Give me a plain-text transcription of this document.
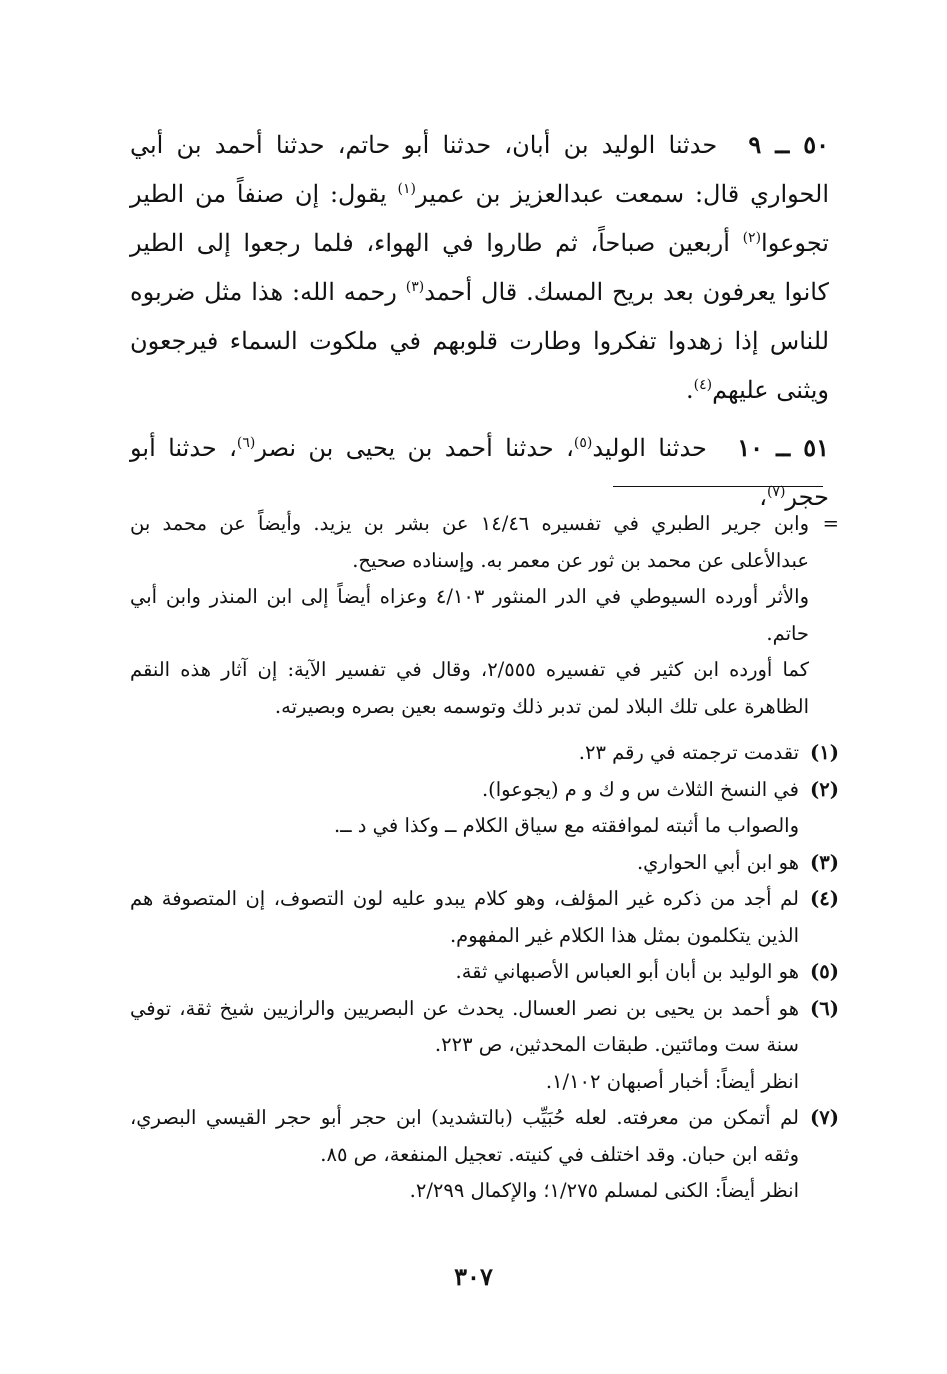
٥٠ ــ ٩ حدثنا الوليد بن أبان، حدثنا أبو حاتم، حدثنا أحمد بن أبي الحواري قال: سمعت عبدالعزيز بن عمير$^{(١)}$ يقول: إن صنفاً من الطير تجوعوا$^{(٢)}$ أربعين صباحاً، ثم طاروا في الهواء، فلما رجعوا إلى الطير كانوا يعرفون بعد بريح المسك. قال أحمد$^{(٣)}$ رحمه الله: هذا مثل ضربوه للناس إذا زهدوا تفكروا وطارت قلوبهم في ملكوت السماء فيرجعون ويثنى عليهم$^{(٤)}$.

٥١ ــ ١٠ حدثنا الوليد$^{(٥)}$، حدثنا أحمد بن يحيى بن نصر$^{(٦)}$، حدثنا أبو حجر$^{(٧)}$،

=

وابن جرير الطبري في تفسيره ١٤/٤٦ عن بشر بن يزيد. وأيضاً عن محمد بن عبدالأعلى عن محمد بن ثور عن معمر به. وإسناده صحيح.

والأثر أورده السيوطي في الدر المنثور ٤/١٠٣ وعزاه أيضاً إلى ابن المنذر وابن أبي حاتم.

كما أورده ابن كثير في تفسيره ٢/٥٥٥، وقال في تفسير الآية: إن آثار هذه النقم الظاهرة على تلك البلاد لمن تدبر ذلك وتوسمه بعين بصره وبصيرته.

(١)
تقدمت ترجمته في رقم ٢٣.

(٢)
في النسخ الثلاث س و ك و م (يجوعوا).
والصواب ما أثبته لموافقته مع سياق الكلام ــ وكذا في د ــ.

(٣)
هو ابن أبي الحواري.

(٤)
لم أجد من ذكره غير المؤلف، وهو كلام يبدو عليه لون التصوف، إن المتصوفة هم الذين يتكلمون بمثل هذا الكلام غير المفهوم.

(٥)
هو الوليد بن أبان أبو العباس الأصبهاني ثقة.

(٦)
هو أحمد بن يحيى بن نصر العسال. يحدث عن البصريين والرازيين شيخ ثقة، توفي سنة ست ومائتين. طبقات المحدثين، ص ٢٢٣.
انظر أيضاً: أخبار أصبهان ١/١٠٢.

(٧)
لم أتمكن من معرفته. لعله حُبَيِّب (بالتشديد) ابن حجر أبو حجر القيسي البصري، وثقه ابن حبان. وقد اختلف في كنيته. تعجيل المنفعة، ص ٨٥.
انظر أيضاً: الكنى لمسلم ١/٢٧٥؛ والإكمال ٢/٢٩٩.

٣٠٧
